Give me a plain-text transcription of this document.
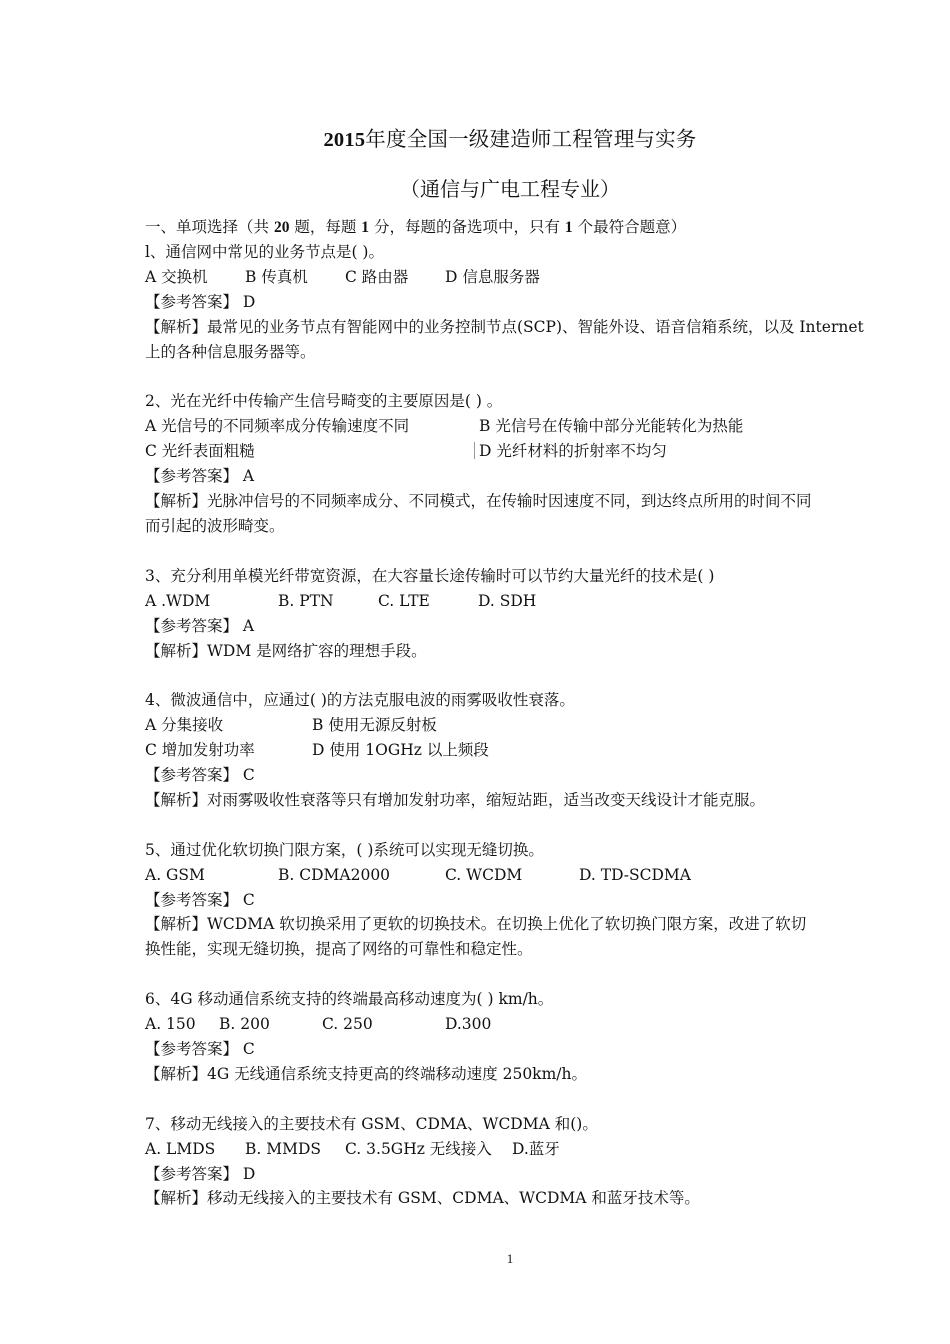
2015年度全国一级建造师工程管理与实务
（通信与广电工程专业）
一、单项选择（共 20 题，每题 1 分，每题的备选项中，只有 1 个最符合题意）
l、通信网中常见的业务节点是( )。
A 交换机 B 传真机 C 路由器 D 信息服务器
【参考答案】 D
【解析】最常见的业务节点有智能网中的业务控制节点(SCP)、智能外设、语音信箱系统，以及 Internet
上的各种信息服务器等。
2、光在光纤中传输产生信号畸变的主要原因是( ) 。
A 光信号的不同频率成分传输速度不同	B 光信号在传输中部分光能转化为热能
C 光纤表面粗糙	D 光纤材料的折射率不均匀
【参考答案】 A
【解析】光脉冲信号的不同频率成分、不同模式，在传输时因速度不同，到达终点所用的时间不同
而引起的波形畸变。
3、充分利用单模光纤带宽资源，在大容量长途传输时可以节约大量光纤的技术是( )
A .WDM	B. PTN	C. LTE	D. SDH
【参考答案】 A
【解析】WDM 是网络扩容的理想手段。
4、微波通信中，应通过( )的方法克服电波的雨雾吸收性衰落。
A 分集接收	B 使用无源反射板
C 增加发射功率	D 使用 1OGHz 以上频段
【参考答案】 C
【解析】对雨雾吸收性衰落等只有增加发射功率，缩短站距，适当改变天线设计才能克服。
5、通过优化软切换门限方案，( )系统可以实现无缝切换。
A. GSM	B. CDMA2000	C. WCDM	D. TD-SCDMA
【参考答案】 C
【解析】WCDMA 软切换采用了更软的切换技术。在切换上优化了软切换门限方案，改进了软切
换性能，实现无缝切换，提高了网络的可靠性和稳定性。
6、4G 移动通信系统支持的终端最高移动速度为( ) km/h。
A. 150 B. 200	C. 250	D.300
【参考答案】 C
【解析】4G 无线通信系统支持更高的终端移动速度 250km/h。
7、移动无线接入的主要技术有 GSM、CDMA、WCDMA 和()。
A. LMDS B. MMDS C. 3.5GHz 无线接入 D.蓝牙
【参考答案】 D
【解析】移动无线接入的主要技术有 GSM、CDMA、WCDMA 和蓝牙技术等。
1
